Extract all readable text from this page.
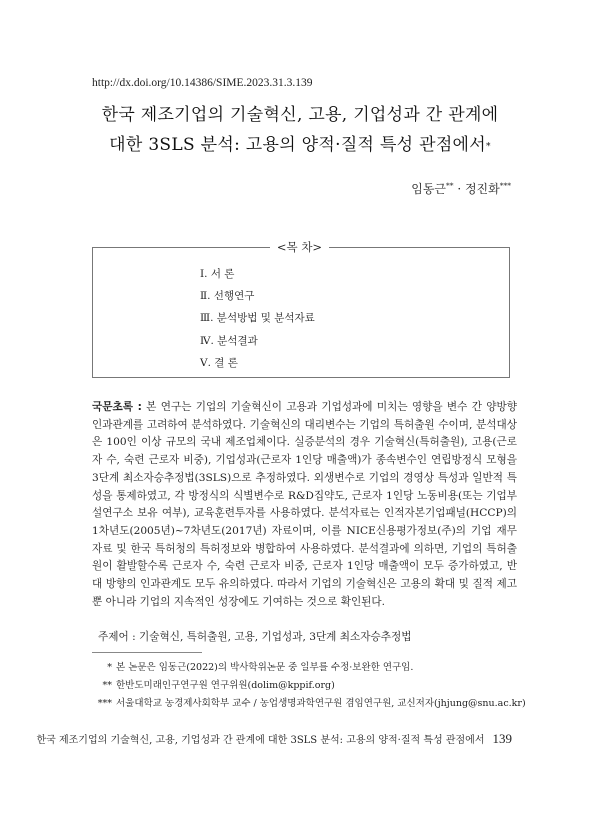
http://dx.doi.org/10.14386/SIME.2023.31.3.139
한국 제조기업의 기술혁신, 고용, 기업성과 간 관계에
대한 3SLS 분석: 고용의 양적·질적 특성 관점에서*
임동근** · 정진화***
<목 차>
Ⅰ. 서 론
Ⅱ. 선행연구
Ⅲ. 분석방법 및 분석자료
Ⅳ. 분석결과
Ⅴ. 결 론
국문초록 : 본 연구는 기업의 기술혁신이 고용과 기업성과에 미치는 영향을 변수 간 양방향 인과관계를 고려하여 분석하였다. 기술혁신의 대리변수는 기업의 특허출원 수이며, 분석대상은 100인 이상 규모의 국내 제조업체이다. 실증분석의 경우 기술혁신(특허출원), 고용(근로자 수, 숙련 근로자 비중), 기업성과(근로자 1인당 매출액)가 종속변수인 연립방정식 모형을 3단계 최소자승추정법(3SLS)으로 추정하였다. 외생변수로 기업의 경영상 특성과 일반적 특성을 통제하였고, 각 방정식의 식별변수로 R&D집약도, 근로자 1인당 노동비용(또는 기업부설연구소 보유 여부), 교육훈련투자를 사용하였다. 분석자료는 인적자본기업패널(HCCP)의 1차년도(2005년)~7차년도(2017년) 자료이며, 이를 NICE신용평가정보(주)의 기업 재무자료 및 한국 특허청의 특허정보와 병합하여 사용하였다. 분석결과에 의하면, 기업의 특허출원이 활발할수록 근로자 수, 숙련 근로자 비중, 근로자 1인당 매출액이 모두 증가하였고, 반대 방향의 인과관계도 모두 유의하였다. 따라서 기업의 기술혁신은 고용의 확대 및 질적 제고뿐 아니라 기업의 지속적인 성장에도 기여하는 것으로 확인된다.
주제어 : 기술혁신, 특허출원, 고용, 기업성과, 3단계 최소자승추정법
* 본 논문은 임동근(2022)의 박사학위논문 중 일부를 수정·보완한 연구임.
** 한반도미래인구연구원 연구위원(dolim@kppif.org)
*** 서울대학교 농경제사회학부 교수 / 농업생명과학연구원 겸임연구원, 교신저자(jhjung@snu.ac.kr)
한국 제조기업의 기술혁신, 고용, 기업성과 간 관계에 대한 3SLS 분석: 고용의 양적·질적 특성 관점에서 139
